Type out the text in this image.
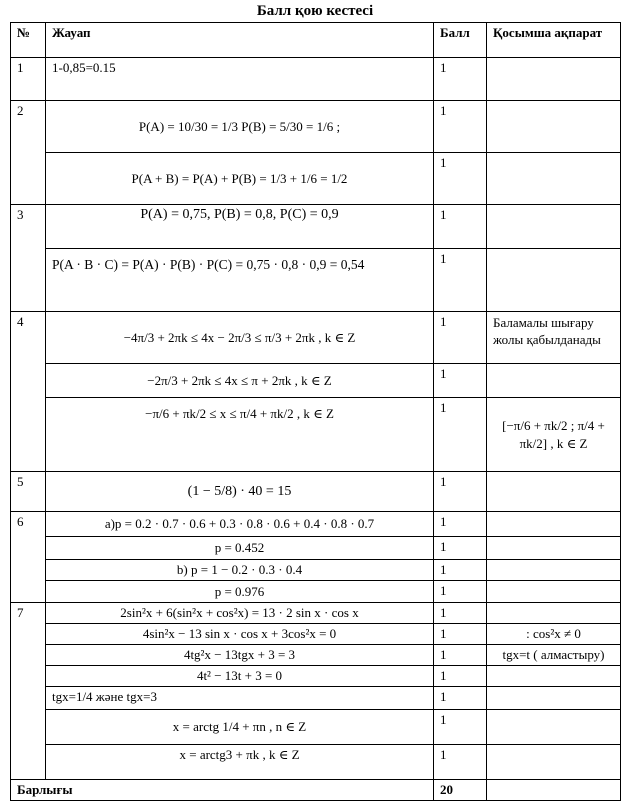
Балл қою кестесі
№	Жауап	Балл	Қосымша ақпарат
1	1-0,85=0.15	1	
2	P(A) = 10/30 = 1/3 P(B) = 5/30 = 1/6 ;	1	
	P(A + B) = P(A) + P(B) = 1/3 + 1/6 = 1/2	1	
3	P(A) = 0,75, P(B) = 0,8, P(C) = 0,9	1	
	P(A · B · C) = P(A) · P(B) · P(C) = 0,75 · 0,8 · 0,9 = 0,54	1	
4	−4π/3 + 2πk ≤ 4x − 2π/3 ≤ π/3 + 2πk , k ∈ Z	1	Баламалы шығару жолы қабылданады
	−2π/3 + 2πk ≤ 4x ≤ π + 2πk , k ∈ Z	1	
	−π/6 + πk/2 ≤ x ≤ π/4 + πk/2 , k ∈ Z	1	[−π/6 + πk/2 ; π/4 + πk/2] , k ∈ Z
5	(1 − 5/8) · 40 = 15	1	
6	a)p = 0.2 · 0.7 · 0.6 + 0.3 · 0.8 · 0.6 + 0.4 · 0.8 · 0.7	1	
	p = 0.452	1	
	b) p = 1 − 0.2 · 0.3 · 0.4	1	
	p = 0.976	1	
7	2sin²x + 6(sin²x + cos²x) = 13 · 2 sin x · cos x	1	
	4sin²x − 13 sin x · cos x + 3cos²x = 0	1	: cos²x ≠ 0
	4tg²x − 13tgx + 3 = 3	1	tgx=t ( алмастыру)
	4t² − 13t + 3 = 0	1	
	tgx=1/4 және tgx=3	1	
	x = arctg 1/4 + πn , n ∈ Z	1	
	x = arctg3 + πk , k ∈ Z	1	
Барлығы		20	
